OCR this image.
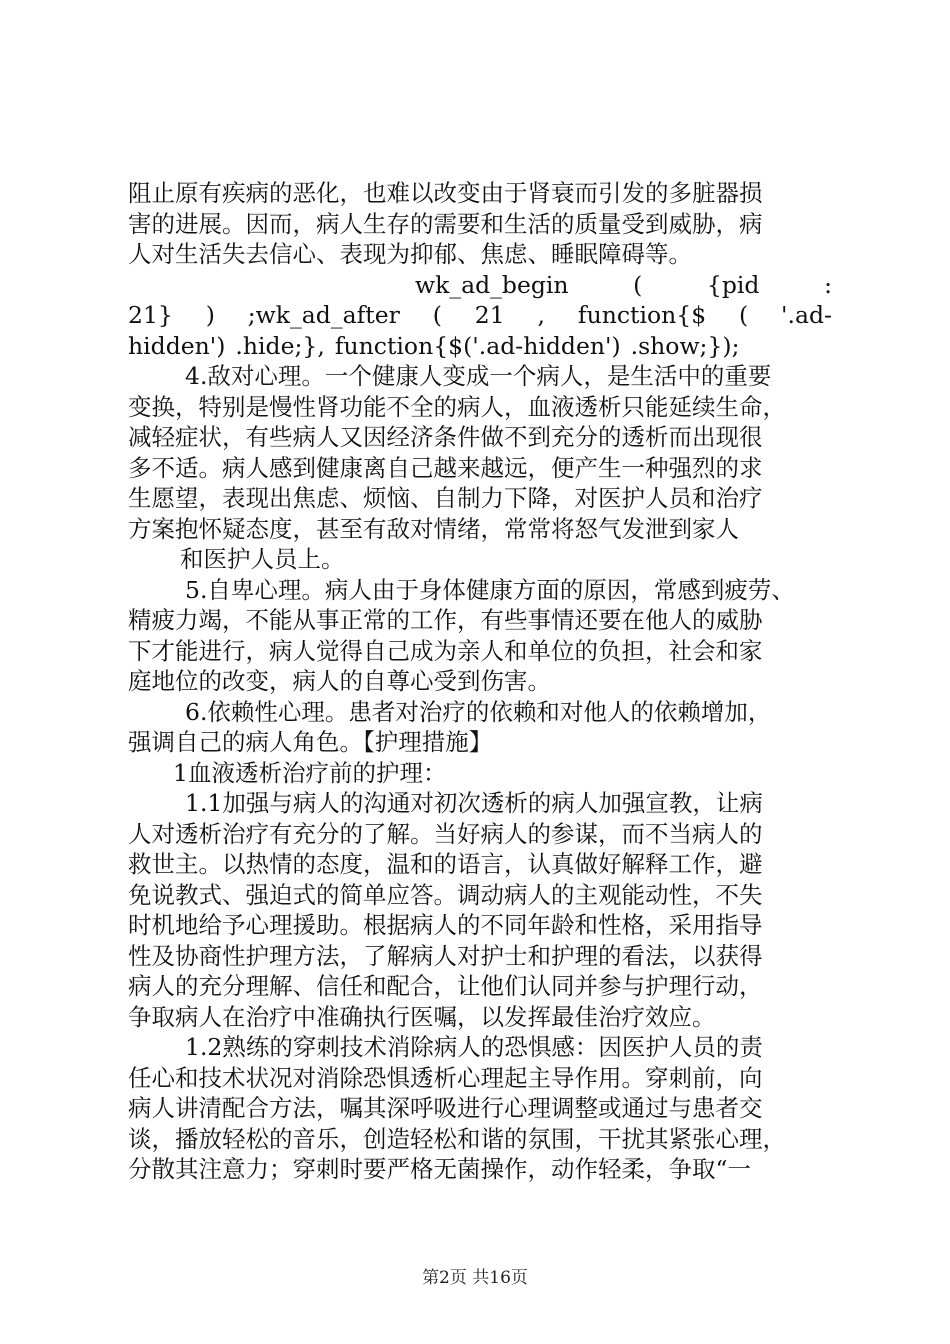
阻止原有疾病的恶化，也难以改变由于肾衰而引发的多脏器损
害的进展。因而，病人生存的需要和生活的质量受到威胁，病
人对生活失去信心、表现为抑郁、焦虑、睡眠障碍等。
wk_ad_begin	(	{pid	:
21} ) ;wk_ad_after ( 21 , function{$ ( '.ad-
hidden') .hide;}, function{$('.ad-hidden') .show;});
4.敌对心理。一个健康人变成一个病人，是生活中的重要
变换，特别是慢性肾功能不全的病人，血液透析只能延续生命，
减轻症状，有些病人又因经济条件做不到充分的透析而出现很
多不适。病人感到健康离自己越来越远，便产生一种强烈的求
生愿望，表现出焦虑、烦恼、自制力下降，对医护人员和治疗
方案抱怀疑态度，甚至有敌对情绪，常常将怒气发泄到家人
和医护人员上。
5.自卑心理。病人由于身体健康方面的原因，常感到疲劳、
精疲力竭，不能从事正常的工作，有些事情还要在他人的威胁
下才能进行，病人觉得自己成为亲人和单位的负担，社会和家
庭地位的改变，病人的自尊心受到伤害。
6.依赖性心理。患者对治疗的依赖和对他人的依赖增加，
强调自己的病人角色。【护理措施】
1血液透析治疗前的护理：
1.1加强与病人的沟通对初次透析的病人加强宣教，让病
人对透析治疗有充分的了解。当好病人的参谋，而不当病人的
救世主。以热情的态度，温和的语言，认真做好解释工作，避
免说教式、强迫式的简单应答。调动病人的主观能动性，不失
时机地给予心理援助。根据病人的不同年龄和性格，采用指导
性及协商性护理方法，了解病人对护士和护理的看法，以获得
病人的充分理解、信任和配合，让他们认同并参与护理行动，
争取病人在治疗中准确执行医嘱，以发挥最佳治疗效应。
1.2熟练的穿刺技术消除病人的恐惧感：因医护人员的责
任心和技术状况对消除恐惧透析心理起主导作用。穿刺前，向
病人讲清配合方法，嘱其深呼吸进行心理调整或通过与患者交
谈，播放轻松的音乐，创造轻松和谐的氛围，干扰其紧张心理，
分散其注意力；穿刺时要严格无菌操作，动作轻柔，争取“一
第2页 共16页
